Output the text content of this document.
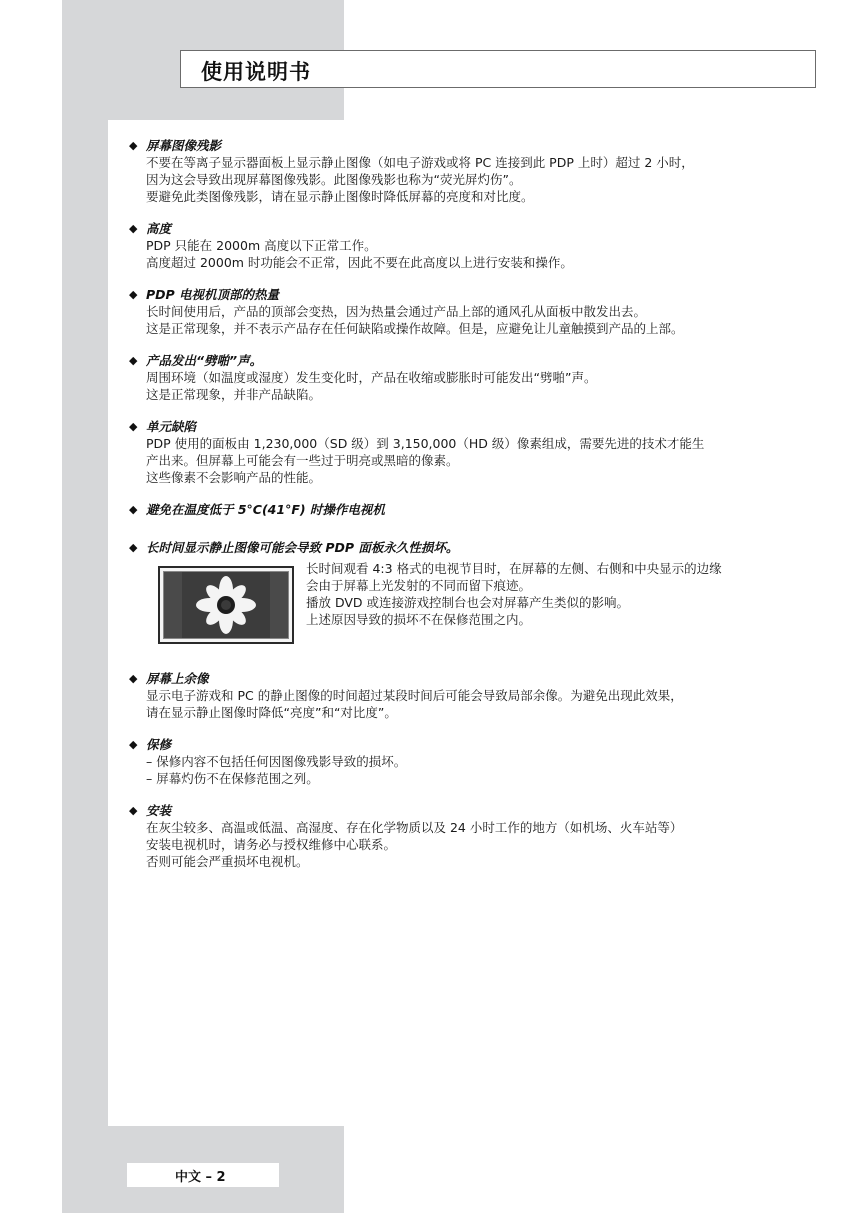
使用说明书
◆ 屏幕图像残影
不要在等离子显示器面板上显示静止图像（如电子游戏或将 PC 连接到此 PDP 上时）超过 2 小时，
因为这会导致出现屏幕图像残影。此图像残影也称为“荧光屏灼伤”。
要避免此类图像残影，请在显示静止图像时降低屏幕的亮度和对比度。
◆ 高度
PDP 只能在 2000m 高度以下正常工作。
高度超过 2000m 时功能会不正常，因此不要在此高度以上进行安装和操作。
◆ PDP 电视机顶部的热量
长时间使用后，产品的顶部会变热，因为热量会通过产品上部的通风孔从面板中散发出去。
这是正常现象，并不表示产品存在任何缺陷或操作故障。但是，应避免让儿童触摸到产品的上部。
◆ 产品发出“劈啪”声。
周围环境（如温度或湿度）发生变化时，产品在收缩或膨胀时可能发出“劈啪”声。
这是正常现象，并非产品缺陷。
◆ 单元缺陷
PDP 使用的面板由 1,230,000（SD 级）到 3,150,000（HD 级）像素组成，需要先进的技术才能生
产出来。但屏幕上可能会有一些过于明亮或黑暗的像素。
这些像素不会影响产品的性能。
◆ 避免在温度低于 5°C(41°F) 时操作电视机
◆ 长时间显示静止图像可能会导致 PDP 面板永久性损坏。
长时间观看 4:3 格式的电视节目时，在屏幕的左侧、右侧和中央显示的边缘
会由于屏幕上光发射的不同而留下痕迹。
播放 DVD 或连接游戏控制台也会对屏幕产生类似的影响。
上述原因导致的损坏不在保修范围之内。
◆ 屏幕上余像
显示电子游戏和 PC 的静止图像的时间超过某段时间后可能会导致局部余像。为避免出现此效果，
请在显示静止图像时降低“亮度”和“对比度”。
◆ 保修
– 保修内容不包括任何因图像残影导致的损坏。
– 屏幕灼伤不在保修范围之列。
◆ 安装
在灰尘较多、高温或低温、高湿度、存在化学物质以及 24 小时工作的地方（如机场、火车站等）
安装电视机时，请务必与授权维修中心联系。
否则可能会严重损坏电视机。
中文 – 2
